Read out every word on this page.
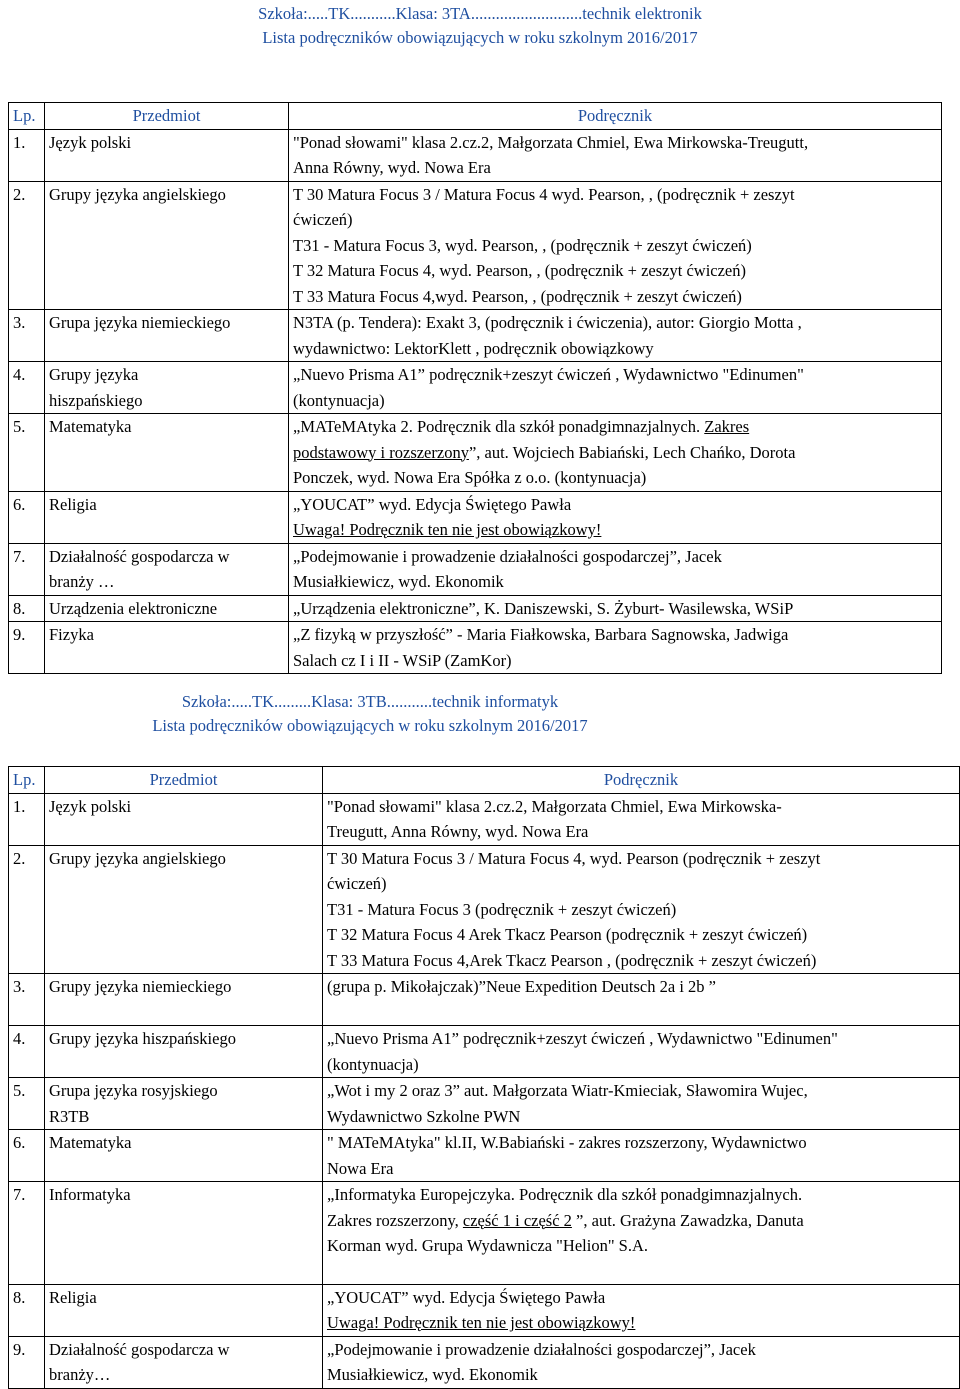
Szkoła:.....TK...........Klasa: 3TA...........................technik elektronik
Lista podręczników obowiązujących w roku szkolnym 2016/2017
Lp.	Przedmiot	Podręcznik
1.	Język polski	"Ponad słowami" klasa 2.cz.2, Małgorzata Chmiel, Ewa Mirkowska-Treugutt,
Anna Równy, wyd. Nowa Era

2.	Grupy języka angielskiego	T 30 Matura Focus 3 / Matura Focus 4 wyd. Pearson, , (podręcznik + zeszyt
ćwiczeń)
T31 - Matura Focus 3, wyd. Pearson, , (podręcznik + zeszyt ćwiczeń)
T 32 Matura Focus 4, wyd. Pearson, , (podręcznik + zeszyt ćwiczeń)
T 33 Matura Focus 4,wyd. Pearson, , (podręcznik + zeszyt ćwiczeń)

3.	Grupa języka niemieckiego	N3TA (p. Tendera): Exakt 3, (podręcznik i ćwiczenia), autor: Giorgio Motta ,
wydawnictwo: LektorKlett , podręcznik obowiązkowy

4.	Grupy języka
hiszpańskiego	„Nuevo Prisma A1” podręcznik+zeszyt ćwiczeń , Wydawnictwo "Edinumen"
(kontynuacja)

5.	Matematyka	„MATeMAtyka 2. Podręcznik dla szkół ponadgimnazjalnych. Zakres
podstawowy i rozszerzony”, aut. Wojciech Babiański, Lech Chańko, Dorota
Ponczek, wyd. Nowa Era Spółka z o.o. (kontynuacja)

6.	Religia	„YOUCAT” wyd. Edycja Świętego Pawła
Uwaga! Podręcznik ten nie jest obowiązkowy!

7.	Działalność gospodarcza w
branży …	„Podejmowanie i prowadzenie działalności gospodarczej”, Jacek
Musiałkiewicz, wyd. Ekonomik

8.	Urządzenia elektroniczne	„Urządzenia elektroniczne”, K. Daniszewski, S. Żyburt- Wasilewska, WSiP

9.	Fizyka	„Z fizyką w przyszłość” - Maria Fiałkowska, Barbara Sagnowska, Jadwiga
Salach cz I i II - WSiP (ZamKor)
Szkoła:.....TK.........Klasa: 3TB...........technik informatyk
Lista podręczników obowiązujących w roku szkolnym 2016/2017
Lp.	Przedmiot	Podręcznik
1.	Język polski	"Ponad słowami" klasa 2.cz.2, Małgorzata Chmiel, Ewa Mirkowska-
Treugutt, Anna Równy, wyd. Nowa Era

2.	Grupy języka angielskiego	T 30 Matura Focus 3 / Matura Focus 4, wyd. Pearson (podręcznik + zeszyt
ćwiczeń)
T31 - Matura Focus 3 (podręcznik + zeszyt ćwiczeń)
T 32 Matura Focus 4 Arek Tkacz Pearson (podręcznik + zeszyt ćwiczeń)
T 33 Matura Focus 4,Arek Tkacz Pearson , (podręcznik + zeszyt ćwiczeń)

3.	Grupy języka niemieckiego	(grupa p. Mikołajczak)”Neue Expedition Deutsch 2a i 2b ”

4.	Grupy języka hiszpańskiego	„Nuevo Prisma A1” podręcznik+zeszyt ćwiczeń , Wydawnictwo "Edinumen"
(kontynuacja)

5.	Grupa języka rosyjskiego
R3TB	„Wot i my 2 oraz 3” aut. Małgorzata Wiatr-Kmieciak, Sławomira Wujec,
Wydawnictwo Szkolne PWN

6.	Matematyka	" MATeMAtyka" kl.II, W.Babiański - zakres rozszerzony, Wydawnictwo
Nowa Era

7.	Informatyka	„Informatyka Europejczyka. Podręcznik dla szkół ponadgimnazjalnych.
Zakres rozszerzony, część 1 i część 2 ”, aut. Grażyna Zawadzka, Danuta
Korman wyd. Grupa Wydawnicza "Helion" S.A.

8.	Religia	„YOUCAT” wyd. Edycja Świętego Pawła
Uwaga! Podręcznik ten nie jest obowiązkowy!

9.	Działalność gospodarcza w
branży…	„Podejmowanie i prowadzenie działalności gospodarczej”, Jacek
Musiałkiewicz, wyd. Ekonomik
